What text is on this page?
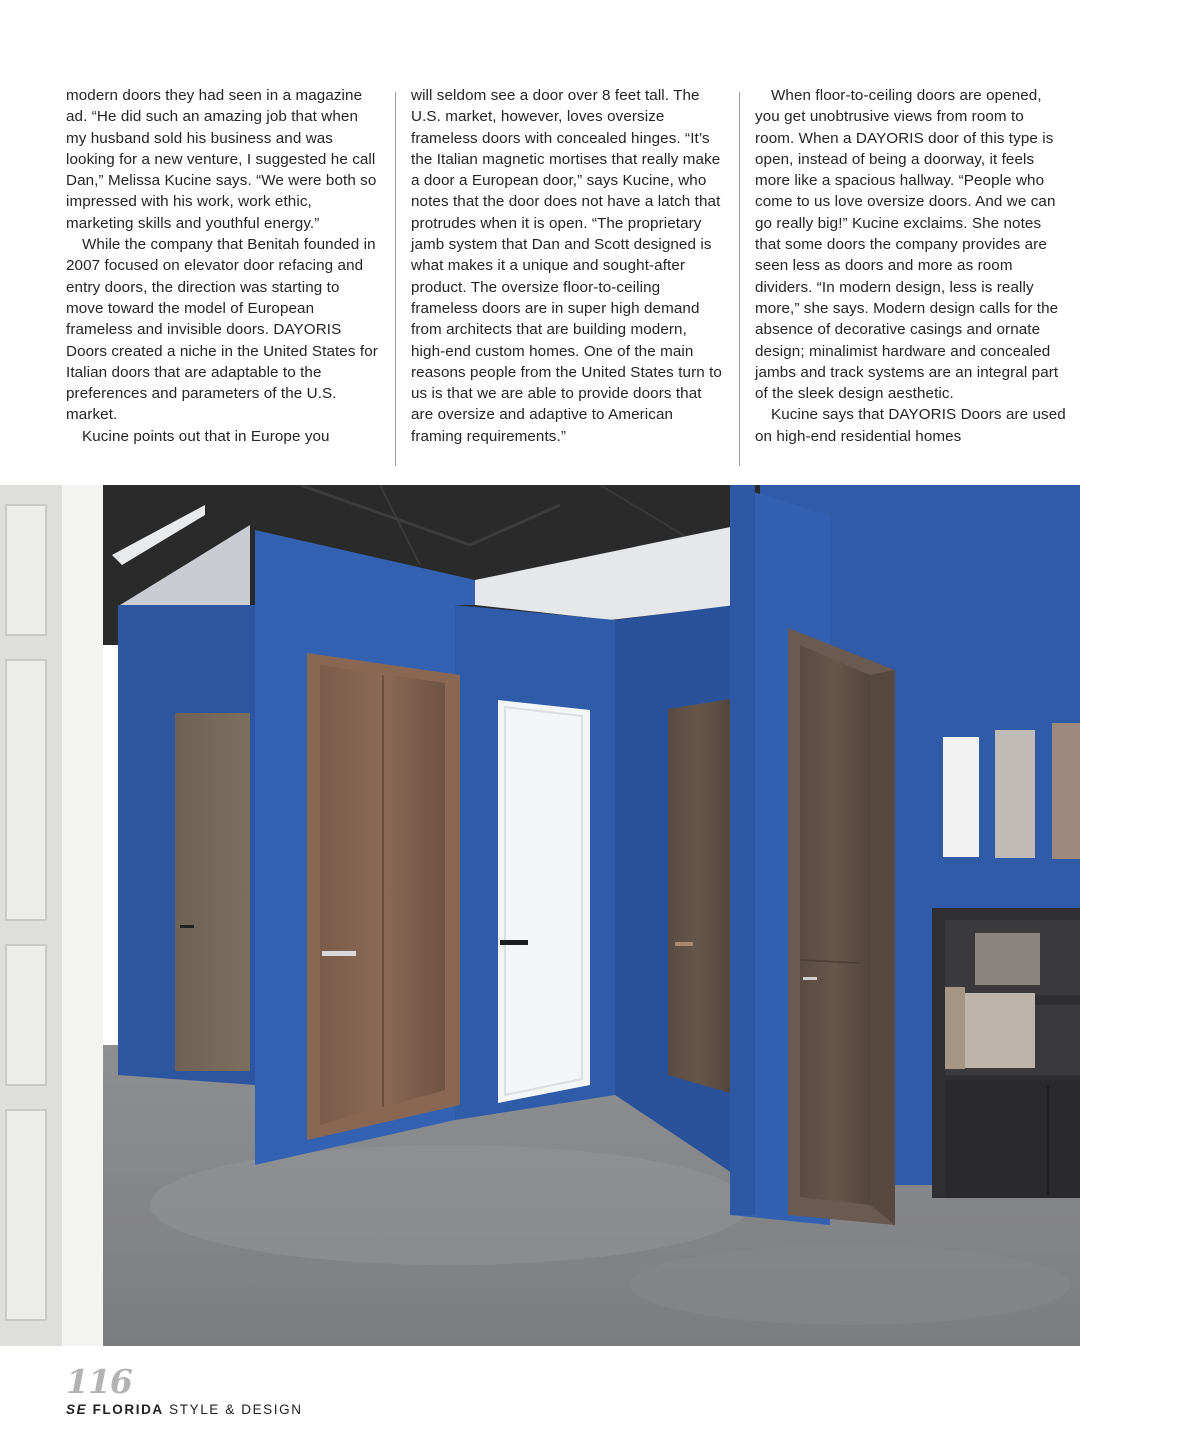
modern doors they had seen in a magazine ad. “He did such an amazing job that when my husband sold his business and was looking for a new venture, I suggested he call Dan,” Melissa Kucine says. “We were both so impressed with his work, work ethic, marketing skills and youthful energy.”

While the company that Benitah founded in 2007 focused on elevator door refacing and entry doors, the direction was starting to move toward the model of European frameless and invisible doors. DAYORIS Doors created a niche in the United States for Italian doors that are adaptable to the preferences and parameters of the U.S. market.

Kucine points out that in Europe you

will seldom see a door over 8 feet tall. The U.S. market, however, loves oversize frameless doors with concealed hinges. “It’s the Italian magnetic mortises that really make a door a European door,” says Kucine, who notes that the door does not have a latch that protrudes when it is open. “The proprietary jamb system that Dan and Scott designed is what makes it a unique and sought-after product. The oversize floor-to-ceiling frameless doors are in super high demand from architects that are building modern, high-end custom homes. One of the main reasons people from the United States turn to us is that we are able to provide doors that are oversize and adaptive to American framing requirements.”

When floor-to-ceiling doors are opened, you get unobtrusive views from room to room. When a DAYORIS door of this type is open, instead of being a doorway, it feels more like a spacious hallway. “People who come to us love oversize doors. And we can go really big!” Kucine exclaims. She notes that some doors the company provides are seen less as doors and more as room dividers. “In modern design, less is really more,” she says. Modern design calls for the absence of decorative casings and ornate design; minalimist hardware and concealed jambs and track systems are an integral part of the sleek design aesthetic.

Kucine says that DAYORIS Doors are used on high-end residential homes

116
SE FLORIDA STYLE & DESIGN
